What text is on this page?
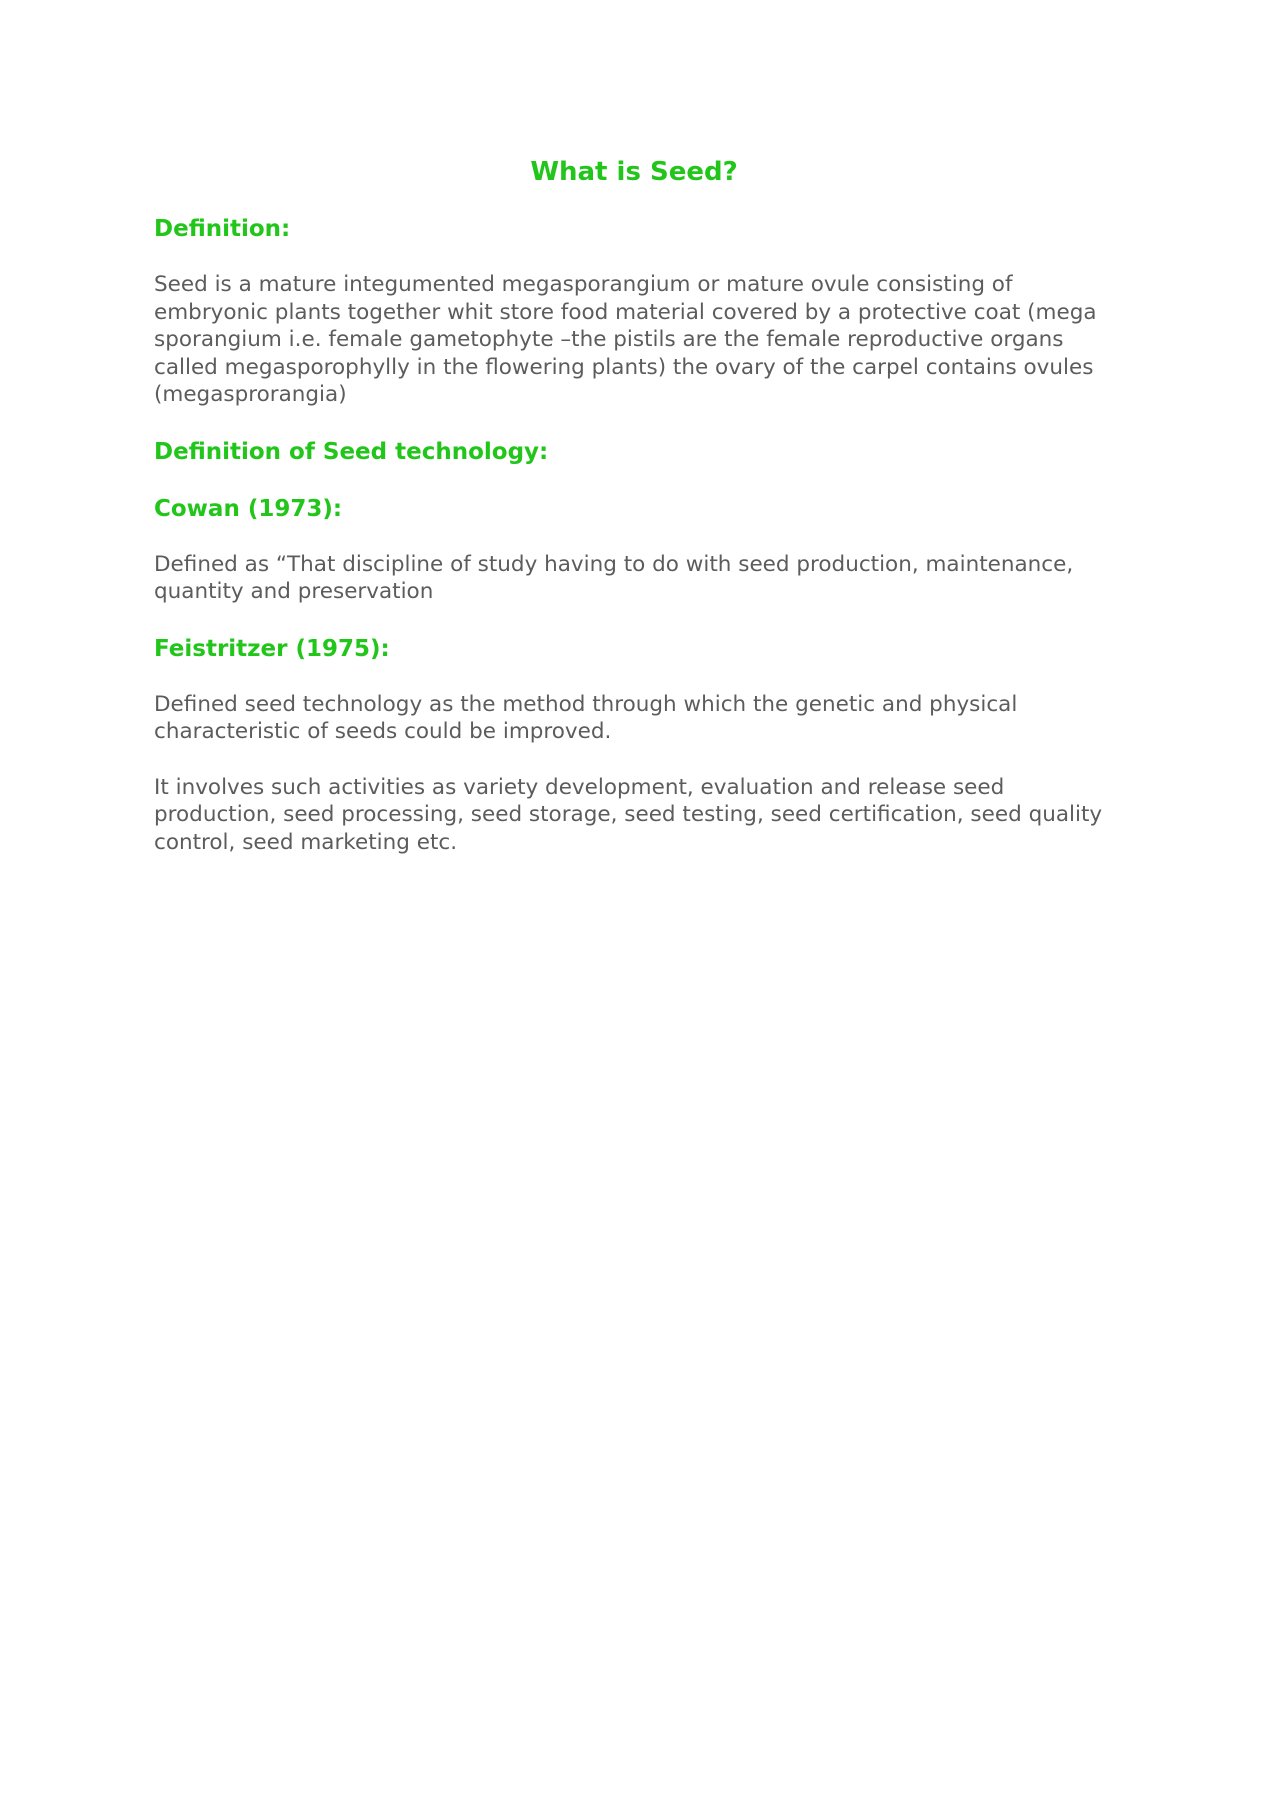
What is Seed?
Definition:

Seed is a mature integumented megasporangium or mature ovule consisting of embryonic plants together whit store food material covered by a protective coat (mega sporangium i.e. female gametophyte –the pistils are the female reproductive organs called megasporophylly in the flowering plants) the ovary of the carpel contains ovules (megasprorangia)

Definition of Seed technology:
Cowan (1973):

Defined as “That discipline of study having to do with seed production, maintenance, quantity and preservation

Feistritzer (1975):

Defined seed technology as the method through which the genetic and physical characteristic of seeds could be improved.

It involves such activities as variety development, evaluation and release seed production, seed processing, seed storage, seed testing, seed certification, seed quality control, seed marketing etc.
